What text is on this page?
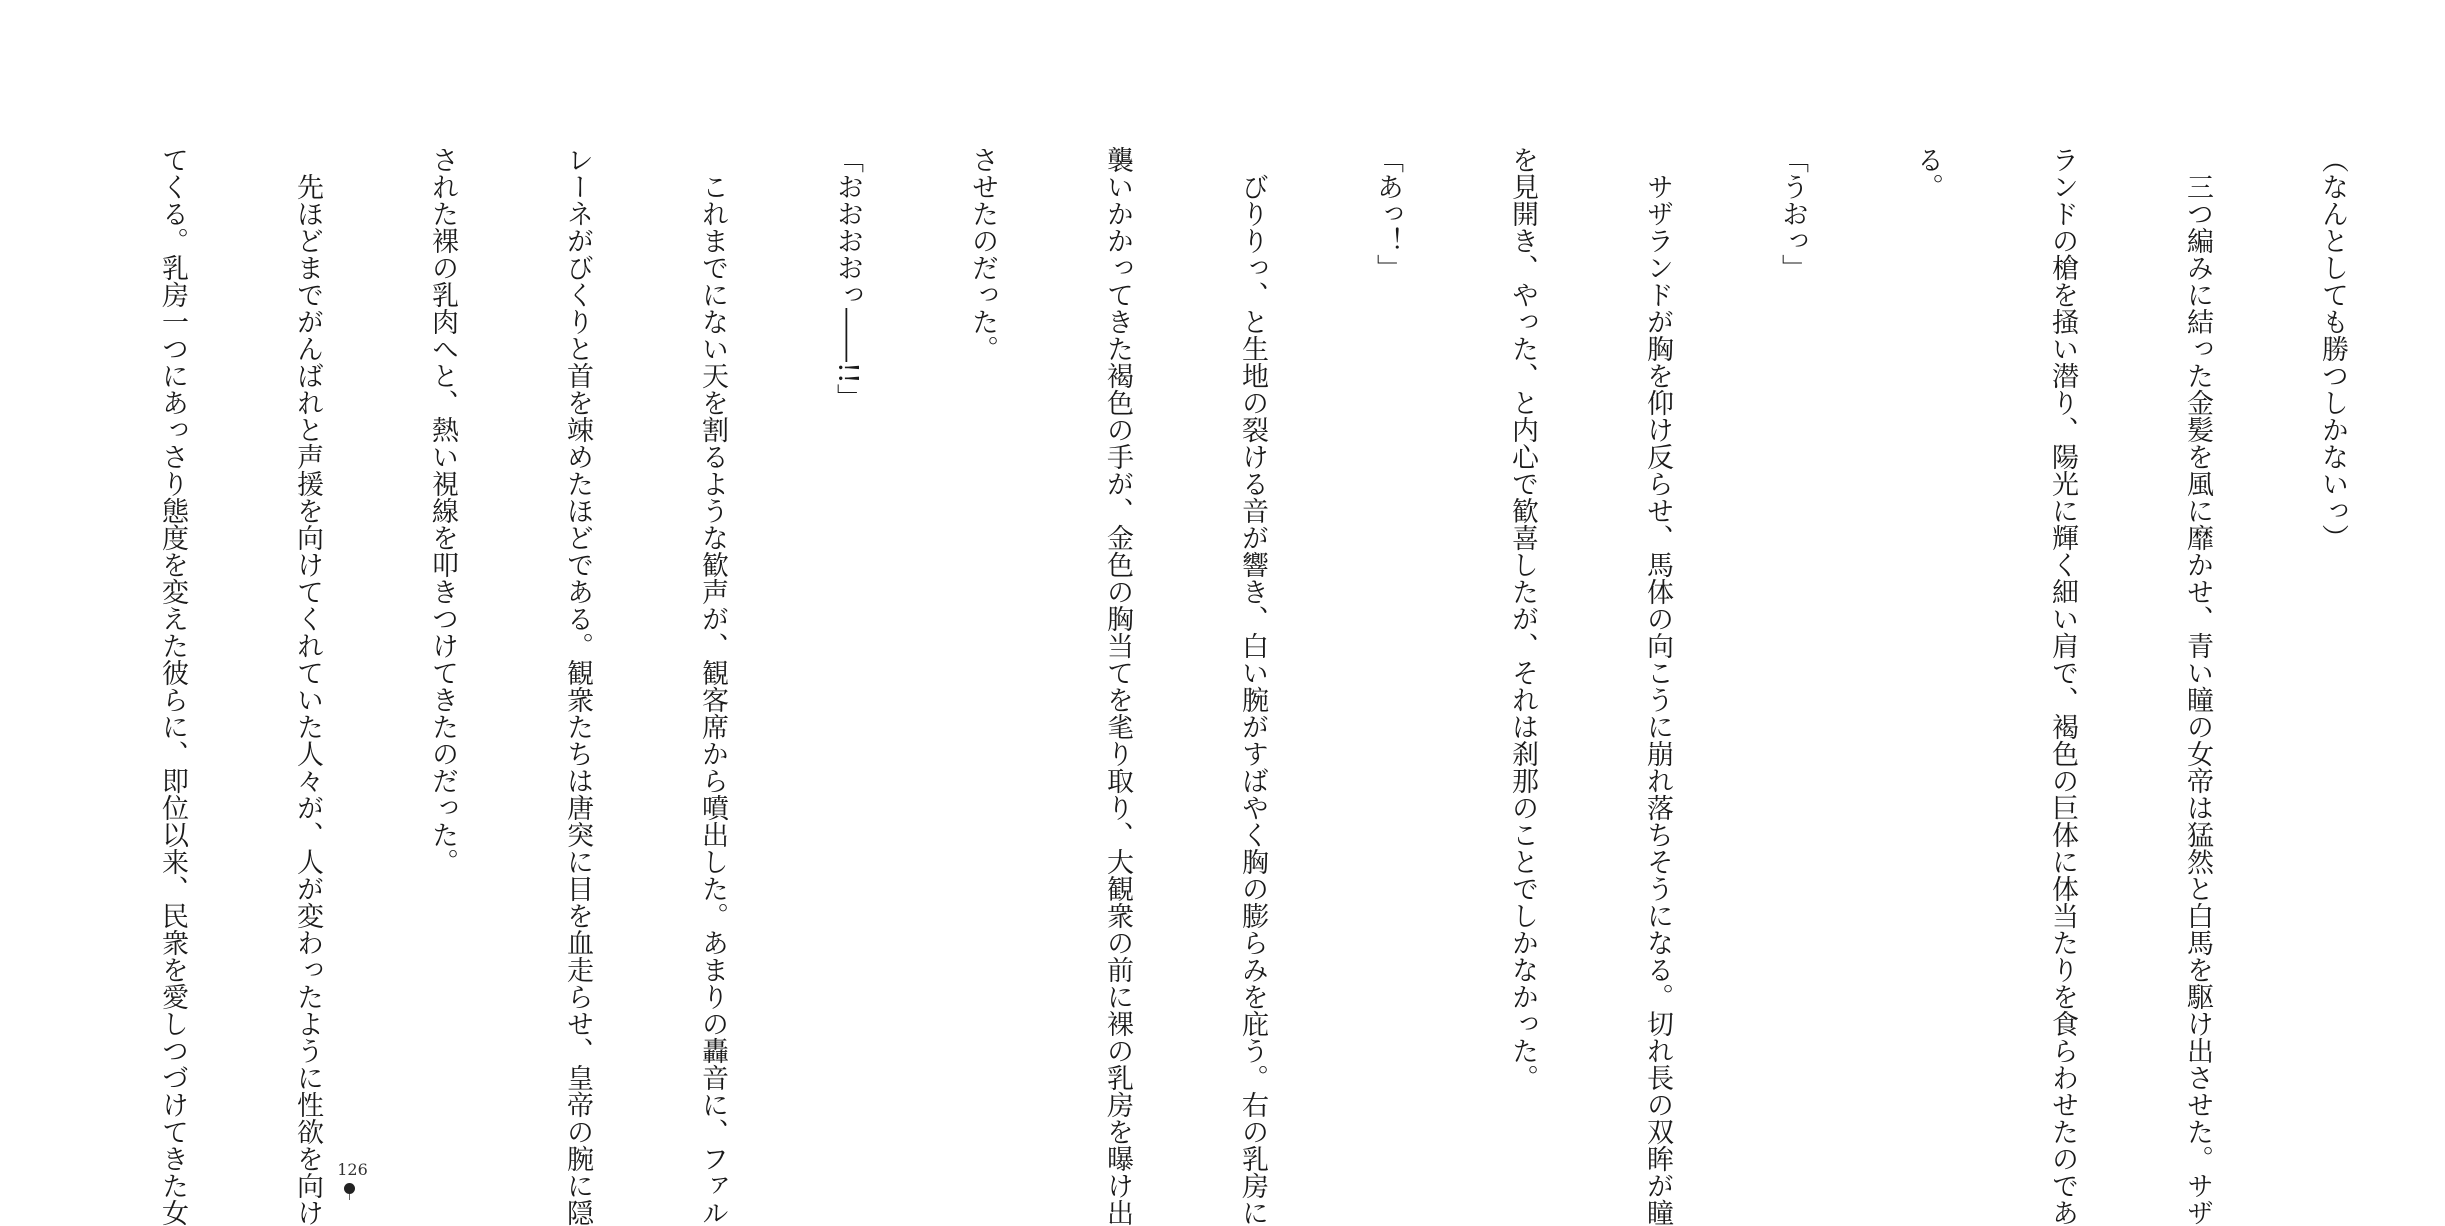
（なんとしても勝つしかないっ）

　三つ編みに結った金髪を風に靡かせ、青い瞳の女帝は猛然と白馬を駆け出させた。サザ

ランドの槍を掻い潜り、陽光に輝く細い肩で、褐色の巨体に体当たりを食らわせたのであ

る。

「うおっ」

　サザランドが胸を仰け反らせ、馬体の向こうに崩れ落ちそうになる。切れ長の双眸が瞳

を見開き、やった、と内心で歓喜したが、それは刹那のことでしかなかった。

「あっ！」

　びりりっ、と生地の裂ける音が響き、白い腕がすばやく胸の膨らみを庇う。右の乳房に

襲いかかってきた褐色の手が、金色の胸当てを毟り取り、大観衆の前に裸の乳房を曝け出

させたのだった。

「おおおおっ――!!」

　これまでにない天を割るような歓声が、観客席から噴出した。あまりの轟音に、ファル

レーネがびくりと首を竦めたほどである。観衆たちは唐突に目を血走らせ、皇帝の腕に隠

された裸の乳肉へと、熱い視線を叩きつけてきたのだった。

　先ほどまでがんばれと声援を向けてくれていた人々が、人が変わったように性欲を向け

てくる。乳房一つにあっさり態度を変えた彼らに、即位以来、民衆を愛しつづけてきた女

	126
